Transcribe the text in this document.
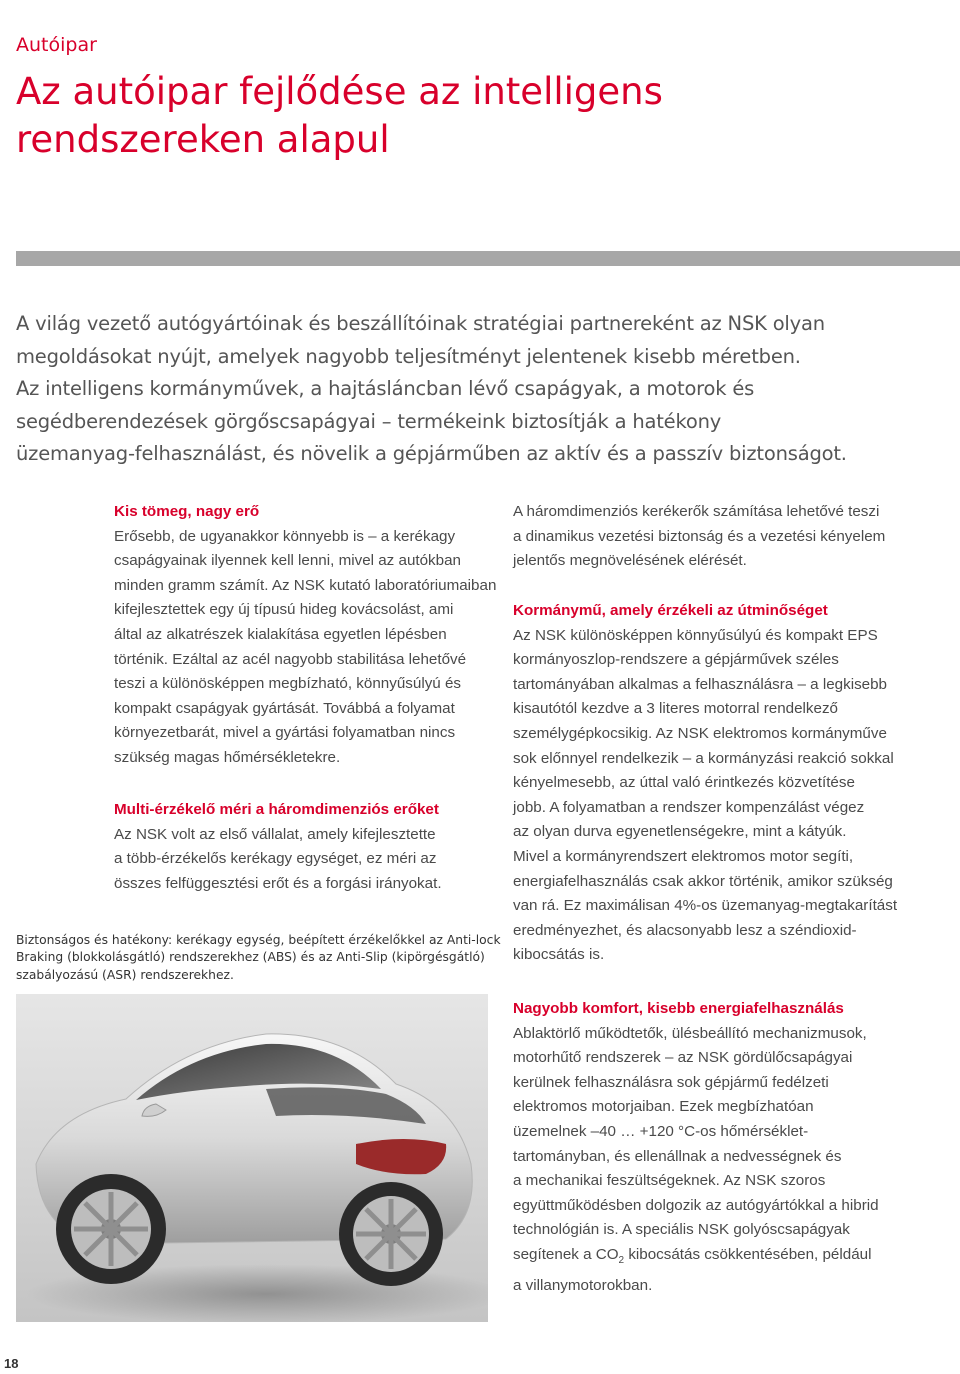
Autóipar
Az autóipar fejlődése az intelligens
rendszereken alapul
A világ vezető autógyártóinak és beszállítóinak stratégiai partnereként az NSK olyan
megoldásokat nyújt, amelyek nagyobb teljesítményt jelentenek kisebb méretben.
Az intelligens kormányművek, a hajtásláncban lévő csapágyak, a motorok és
segédberendezések görgőscsapágyai – termékeink biztosítják a hatékony
üzemanyag-felhasználást, és növelik a gépjárműben az aktív és a passzív biztonságot.
Kis tömeg, nagy erő
Erősebb, de ugyanakkor könnyebb is – a kerékagy
csapágyainak ilyennek kell lenni, mivel az autókban
minden gramm számít. Az NSK kutató laboratóriumaiban
kifejlesztettek egy új típusú hideg kovácsolást, ami
által az alkatrészek kialakítása egyetlen lépésben
történik. Ezáltal az acél nagyobb stabilitása lehetővé
teszi a különösképpen megbízható, könnyűsúlyú és
kompakt csapágyak gyártását. Továbbá a folyamat
környezetbarát, mivel a gyártási folyamatban nincs
szükség magas hőmérsékletekre.
Multi-érzékelő méri a háromdimenziós erőket
Az NSK volt az első vállalat, amely kifejlesztette
a több-érzékelős kerékagy egységet, ez méri az
összes felfüggesztési erőt és a forgási irányokat.
Biztonságos és hatékony: kerékagy egység, beépített érzékelőkkel az Anti-lock
Braking (blokkolásgátló) rendszerekhez (ABS) és az Anti-Slip (kipörgésgátló)
szabályozású (ASR) rendszerekhez.
A háromdimenziós kerékerők számítása lehetővé teszi
a dinamikus vezetési biztonság és a vezetési kényelem
jelentős megnövelésének elérését.
Kormánymű, amely érzékeli az útminőséget
Az NSK különösképpen könnyűsúlyú és kompakt EPS
kormányoszlop-rendszere a gépjárművek széles
tartományában alkalmas a felhasználásra – a legkisebb
kisautótól kezdve a 3 literes motorral rendelkező
személygépkocsikig. Az NSK elektromos kormányműve
sok előnnyel rendelkezik – a kormányzási reakció sokkal
kényelmesebb, az úttal való érintkezés közvetítése
jobb. A folyamatban a rendszer kompenzálást végez
az olyan durva egyenetlenségekre, mint a kátyúk.
Mivel a kormányrendszert elektromos motor segíti,
energiafelhasználás csak akkor történik, amikor szükség
van rá. Ez maximálisan 4%-os üzemanyag-megtakarítást
eredményezhet, és alacsonyabb lesz a széndioxid-
kibocsátás is.
Nagyobb komfort, kisebb energiafelhasználás
Ablaktörlő működtetők, ülésbeállító mechanizmusok,
motorhűtő rendszerek – az NSK gördülőcsapágyai
kerülnek felhasználásra sok gépjármű fedélzeti
elektromos motorjaiban. Ezek megbízhatóan
üzemelnek –40 … +120 °C-os hőmérséklet-
tartományban, és ellenállnak a nedvességnek és
a mechanikai feszültségeknek. Az NSK szoros
együttműködésben dolgozik az autógyártókkal a hibrid
technológián is. A speciális NSK golyóscsapágyak
segítenek a $CO_2$ kibocsátás csökkentésében, például
a villanymotorokban.
18
